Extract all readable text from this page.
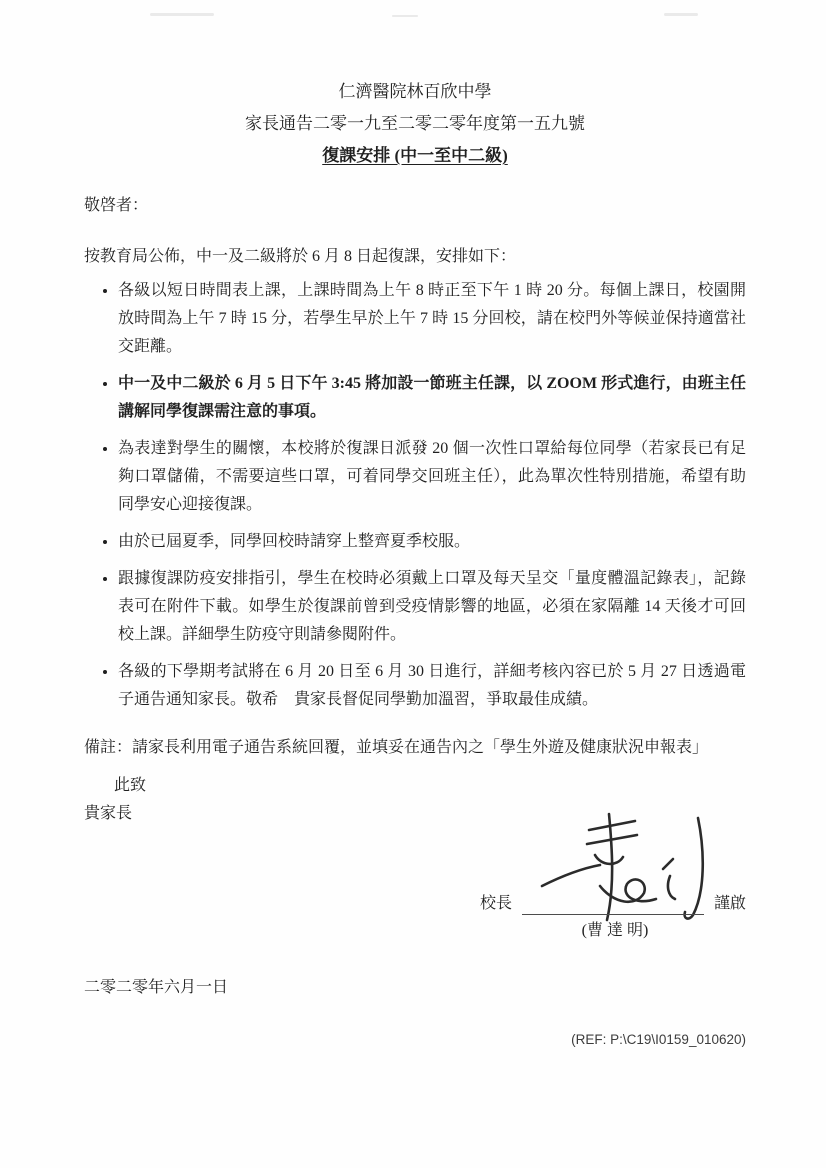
仁濟醫院林百欣中學
家長通告二零一九至二零二零年度第一五九號
復課安排 (中一至中二級)
敬啓者：
按教育局公佈，中一及二級將於 6 月 8 日起復課，安排如下：
• 各級以短日時間表上課，上課時間為上午 8 時正至下午 1 時 20 分。每個上課日，校園開放時間為上午 7 時 15 分，若學生早於上午 7 時 15 分回校，請在校門外等候並保持適當社交距離。
• 中一及中二級於 6 月 5 日下午 3:45 將加設一節班主任課，以 ZOOM 形式進行，由班主任講解同學復課需注意的事項。
• 為表達對學生的關懷，本校將於復課日派發 20 個一次性口罩給每位同學（若家長已有足夠口罩儲備，不需要這些口罩，可着同學交回班主任），此為單次性特別措施，希望有助同學安心迎接復課。
• 由於已屆夏季，同學回校時請穿上整齊夏季校服。
• 跟據復課防疫安排指引，學生在校時必須戴上口罩及每天呈交「量度體溫記錄表」，記錄表可在附件下載。如學生於復課前曾到受疫情影響的地區，必須在家隔離 14 天後才可回校上課。詳細學生防疫守則請參閱附件。
• 各級的下學期考試將在 6 月 20 日至 6 月 30 日進行，詳細考核內容已於 5 月 27 日透過電子通告通知家長。敬希　貴家長督促同學勤加溫習，爭取最佳成績。
備註：請家長利用電子通告系統回覆，並填妥在通告內之「學生外遊及健康狀況申報表」
此致
貴家長
校長	謹啟
(曹 達 明)
二零二零年六月一日
(REF: P:\C19\I0159_010620)
